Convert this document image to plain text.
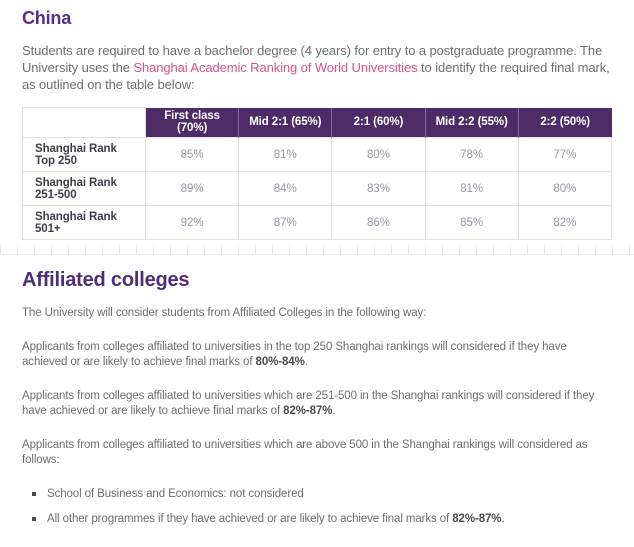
China

Students are required to have a bachelor degree (4 years) for entry to a postgraduate programme. The University uses the Shanghai Academic Ranking of World Universities to identify the required final mark, as outlined on the table below:

	First class (70%)	Mid 2:1 (65%)	2:1 (60%)	Mid 2:2 (55%)	2:2 (50%)
Shanghai Rank Top 250	85%	81%	80%	78%	77%
Shanghai Rank 251-500	89%	84%	83%	81%	80%
Shanghai Rank 501+	92%	87%	86%	85%	82%
Affiliated colleges

The University will consider students from Affiliated Colleges in the following way:

Applicants from colleges affiliated to universities in the top 250 Shanghai rankings will considered if they have achieved or are likely to achieve final marks of 80%-84%.

Applicants from colleges affiliated to universities which are 251-500 in the Shanghai rankings will considered if they have achieved or are likely to achieve final marks of 82%-87%.

Applicants from colleges affiliated to universities which are above 500 in the Shanghai rankings will considered as follows:

School of Business and Economics: not considered
All other programmes if they have achieved or are likely to achieve final marks of 82%-87%.
